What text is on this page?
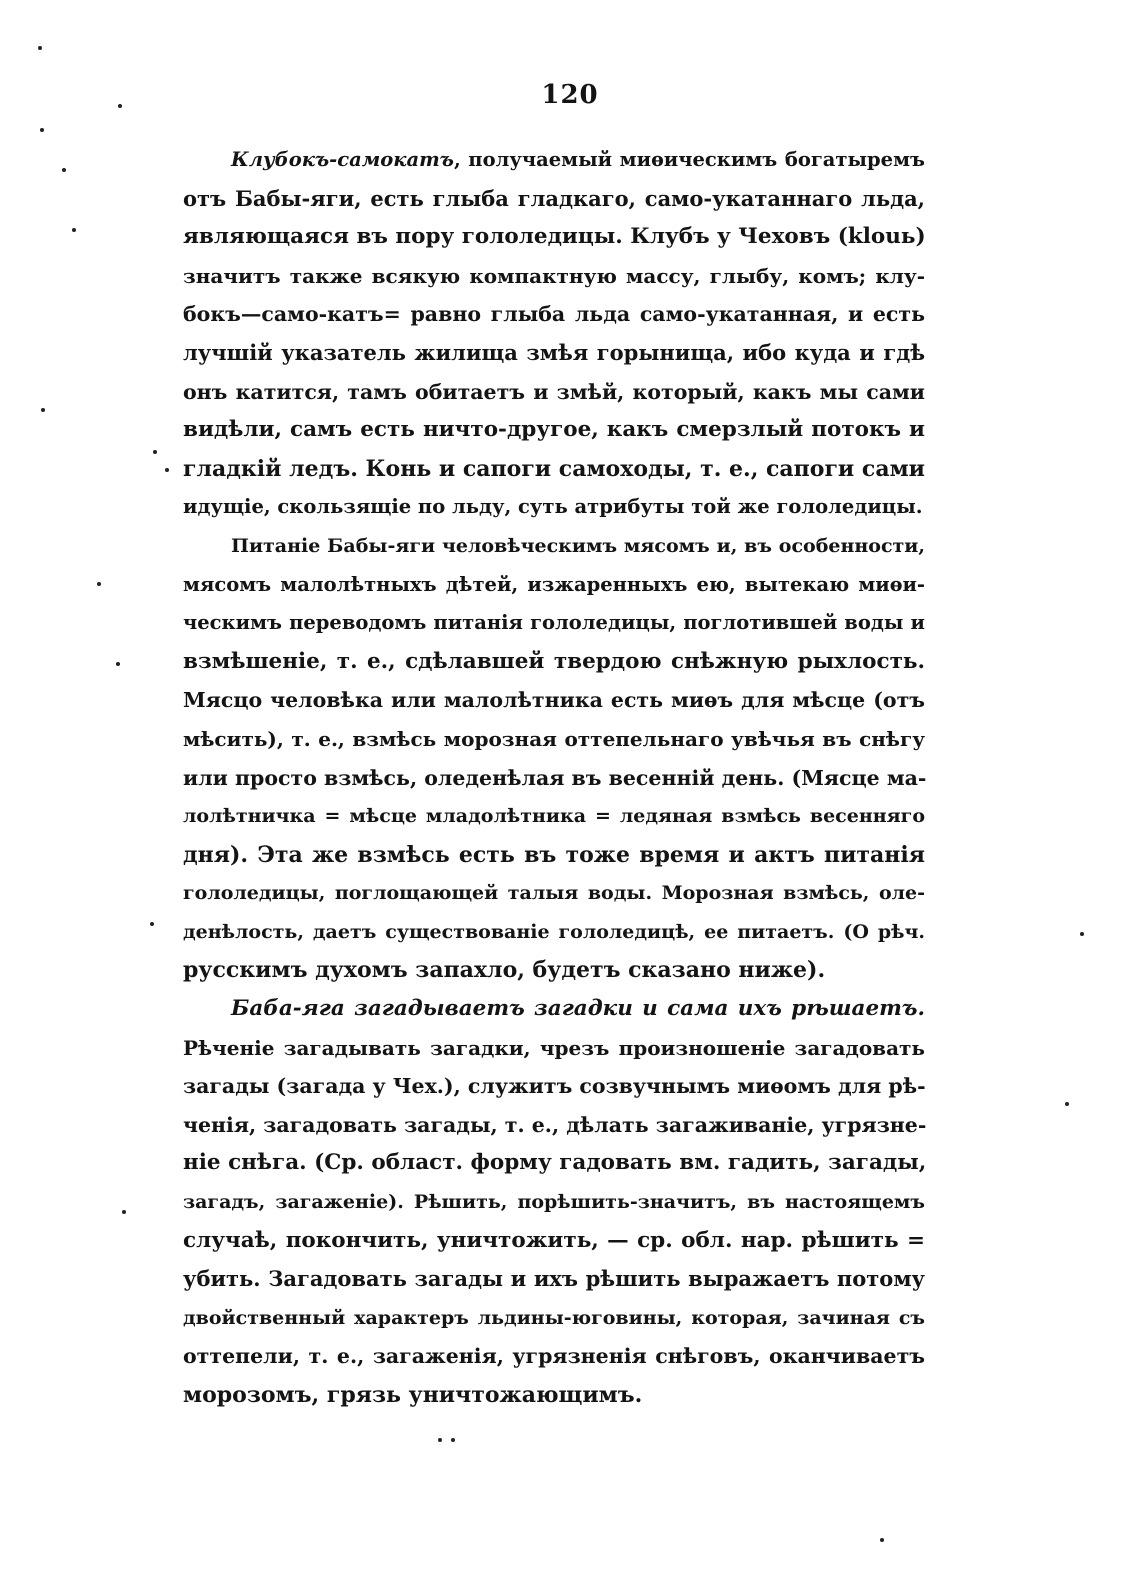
120
Клубокъ-самокатъ, получаемый миѳическимъ богатыремъ
отъ Бабы-яги, есть глыба гладкаго, само-укатаннаго льда,
являющаяся въ пору гололедицы. Клубъ у Чеховъ (klouь)
значитъ также всякую компактную массу, глыбу, комъ; клу-
бокъ—само-катъ= равно глыба льда само-укатанная, и есть
лучшій указатель жилища змѣя горынища, ибо куда и гдѣ
онъ катится, тамъ обитаетъ и змѣй, который, какъ мы сами
видѣли, самъ есть ничто-другое, какъ смерзлый потокъ и
гладкій ледъ. Конь и сапоги самоходы, т. е., сапоги сами
идущіе, скользящіе по льду, суть атрибуты той же гололедицы.
Питаніе Бабы-яги человѣческимъ мясомъ и, въ особенности,
мясомъ малолѣтныхъ дѣтей, изжаренныхъ ею, вытекаю миѳи-
ческимъ переводомъ питанія гололедицы, поглотившей воды и
взмѣшеніе, т. е., сдѣлавшей твердою снѣжную рыхлость.
Мясцо человѣка или малолѣтника есть миѳъ для мѣсце (отъ
мѣсить), т. е., взмѣсь морозная оттепельнаго увѣчья въ снѣгу
или просто взмѣсь, оледенѣлая въ весенній день. (Мясце ма-
лолѣтничка = мѣсце младолѣтника = ледяная взмѣсь весенняго
дня). Эта же взмѣсь есть въ тоже время и актъ питанія
гололедицы, поглощающей талыя воды. Морозная взмѣсь, оле-
денѣлость, даетъ существованіе гололедицѣ, ее питаетъ. (О рѣч.
русскимъ духомъ запахло, будетъ сказано ниже).
Баба-яга загадываетъ загадки и сама ихъ рѣшаетъ.
Рѣченіе загадывать загадки, чрезъ произношеніе загадовать
загады (загада у Чех.), служитъ созвучнымъ миѳомъ для рѣ-
ченія, загадовать загады, т. е., дѣлать загаживаніе, угрязне-
ніе снѣга. (Ср. област. форму гадовать вм. гадить, загады,
загадъ, загаженіе). Рѣшить, порѣшить-значитъ, въ настоящемъ
случаѣ, покончить, уничтожить, — ср. обл. нар. рѣшить =
убить. Загадовать загады и ихъ рѣшить выражаетъ потому
двойственный характеръ льдины-юговины, которая, зачиная съ
оттепели, т. е., загаженія, угрязненія снѣговъ, оканчиваетъ
морозомъ, грязь уничтожающимъ.
